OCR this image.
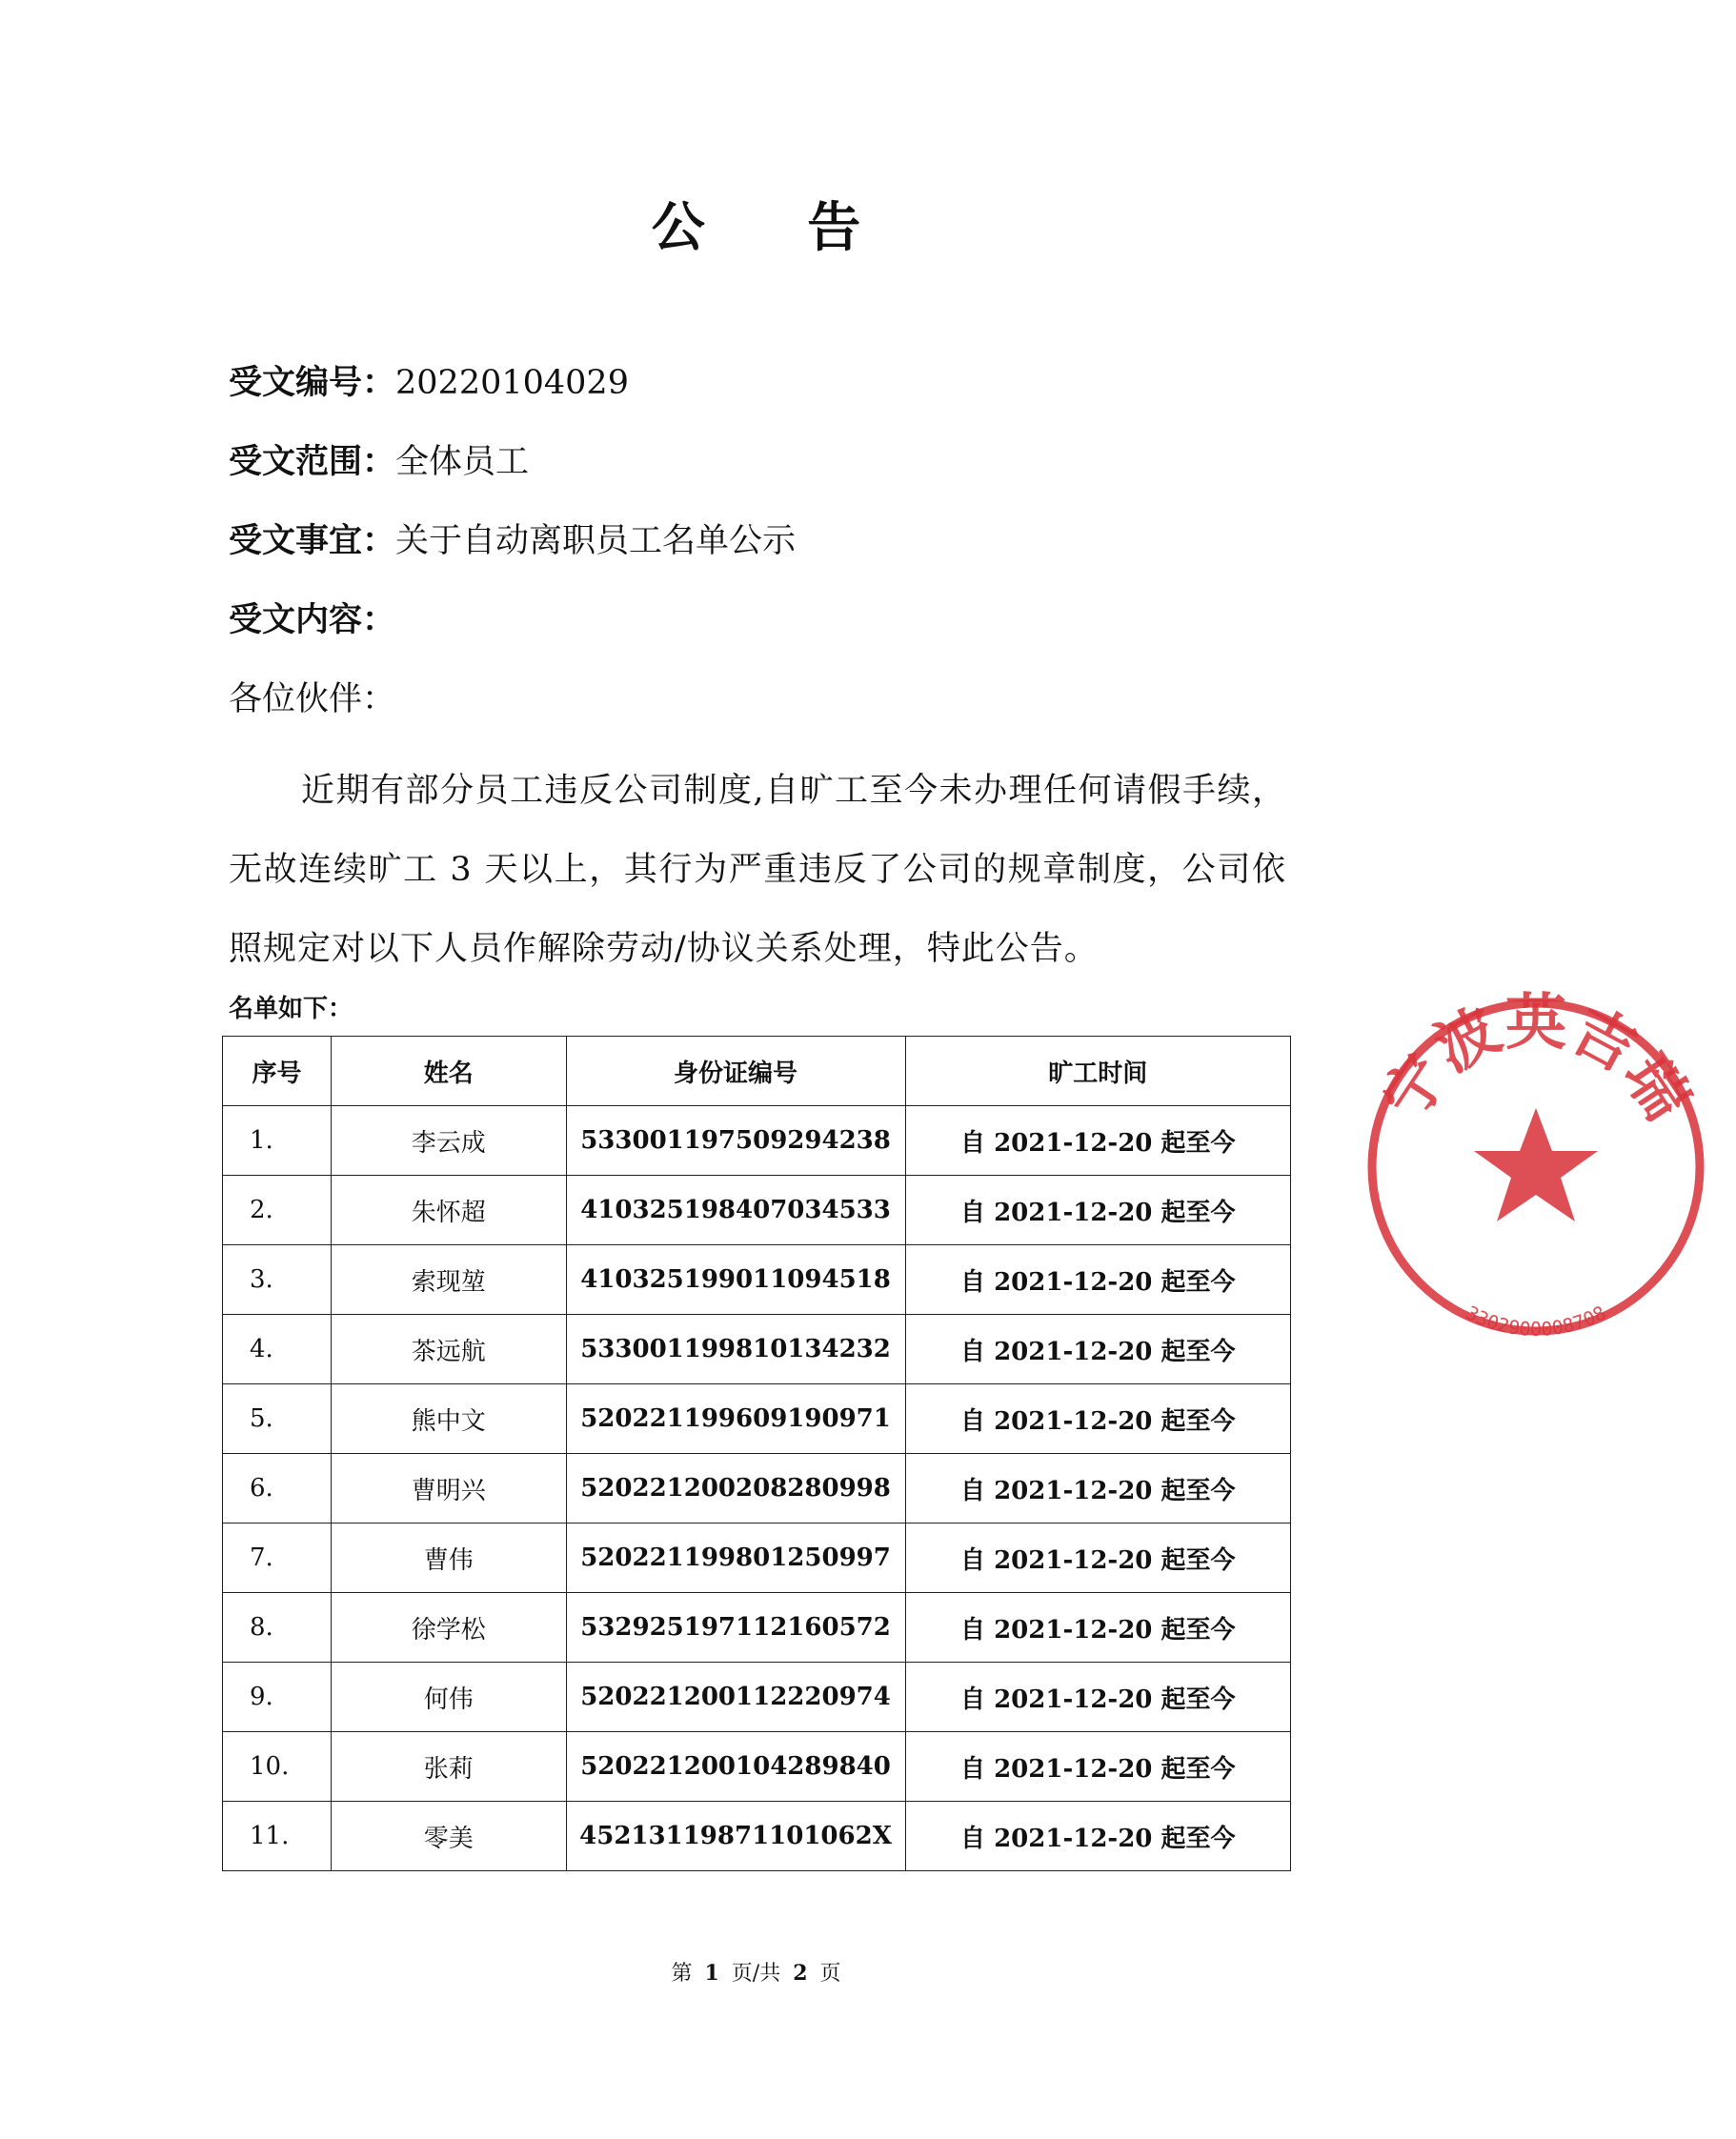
公 告
受文编号：20220104029
受文范围：全体员工
受文事宜：关于自动离职员工名单公示
受文内容：
各位伙伴：
近期有部分员工违反公司制度,自旷工至今未办理任何请假手续，无故连续旷工 3 天以上，其行为严重违反了公司的规章制度，公司依照规定对以下人员作解除劳动/协议关系处理，特此公告。
名单如下：
序号	姓名	身份证编号	旷工时间
1.	李云成	533001197509294238	自 2021-12-20 起至今
2.	朱怀超	410325198407034533	自 2021-12-20 起至今
3.	索现堃	410325199011094518	自 2021-12-20 起至今
4.	茶远航	533001199810134232	自 2021-12-20 起至今
5.	熊中文	520221199609190971	自 2021-12-20 起至今
6.	曹明兴	520221200208280998	自 2021-12-20 起至今
7.	曹伟	520221199801250997	自 2021-12-20 起至今
8.	徐学松	532925197112160572	自 2021-12-20 起至今
9.	何伟	520221200112220974	自 2021-12-20 起至今
10.	张莉	520221200104289840	自 2021-12-20 起至今
11.	零美	45213119871101062X	自 2021-12-20 起至今
第 1 页/共 2 页
宁波英吉瑞
3302900008708
